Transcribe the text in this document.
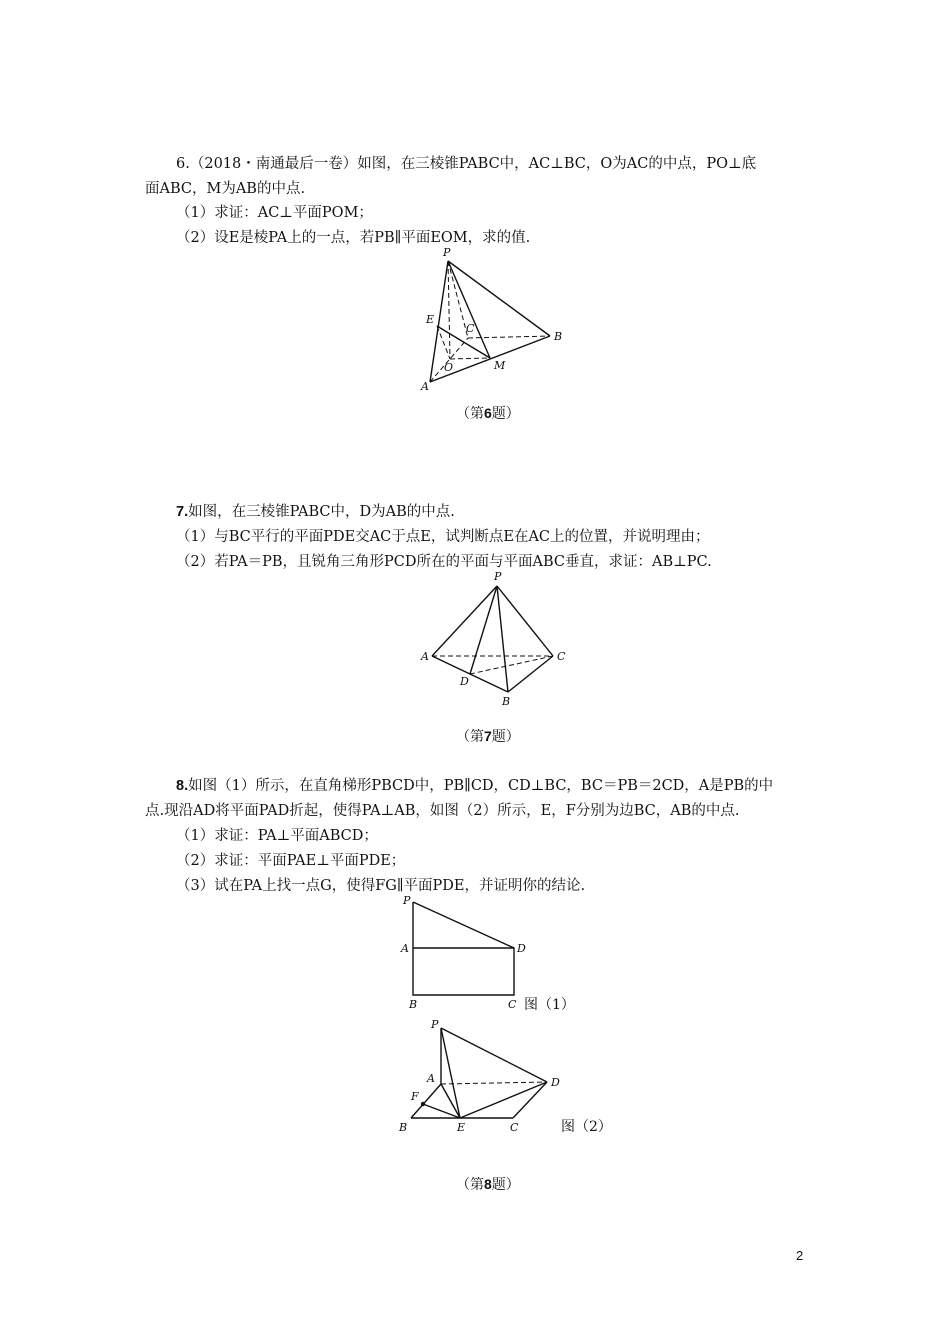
6.（2018・南通最后一卷）如图，在三棱锥PABC中，AC⊥BC，O为AC的中点，PO⊥底
面ABC，M为AB的中点.
（1）求证：AC⊥平面POM；
（2）设E是棱PA上的一点，若PB∥平面EOM，求的值.
P
E
C
B
O	M
A
（第6题）
7.如图，在三棱锥PABC中，D为AB的中点.
（1）与BC平行的平面PDE交AC于点E，试判断点E在AC上的位置，并说明理由；
（2）若PA＝PB，且锐角三角形PCD所在的平面与平面ABC垂直，求证：AB⊥PC.
P
A	C
D
B
（第7题）
8.如图（1）所示，在直角梯形PBCD中，PB∥CD，CD⊥BC，BC＝PB＝2CD，A是PB的中
点.现沿AD将平面PAD折起，使得PA⊥AB，如图（2）所示，E，F分别为边BC，AB的中点.
（1）求证：PA⊥平面ABCD；
（2）求证：平面PAE⊥平面PDE；
（3）试在PA上找一点G，使得FG∥平面PDE，并证明你的结论.
P
A	D
B	C 图（1）
P
A	D
F
B	E	C	图（2）
（第8题）
2
